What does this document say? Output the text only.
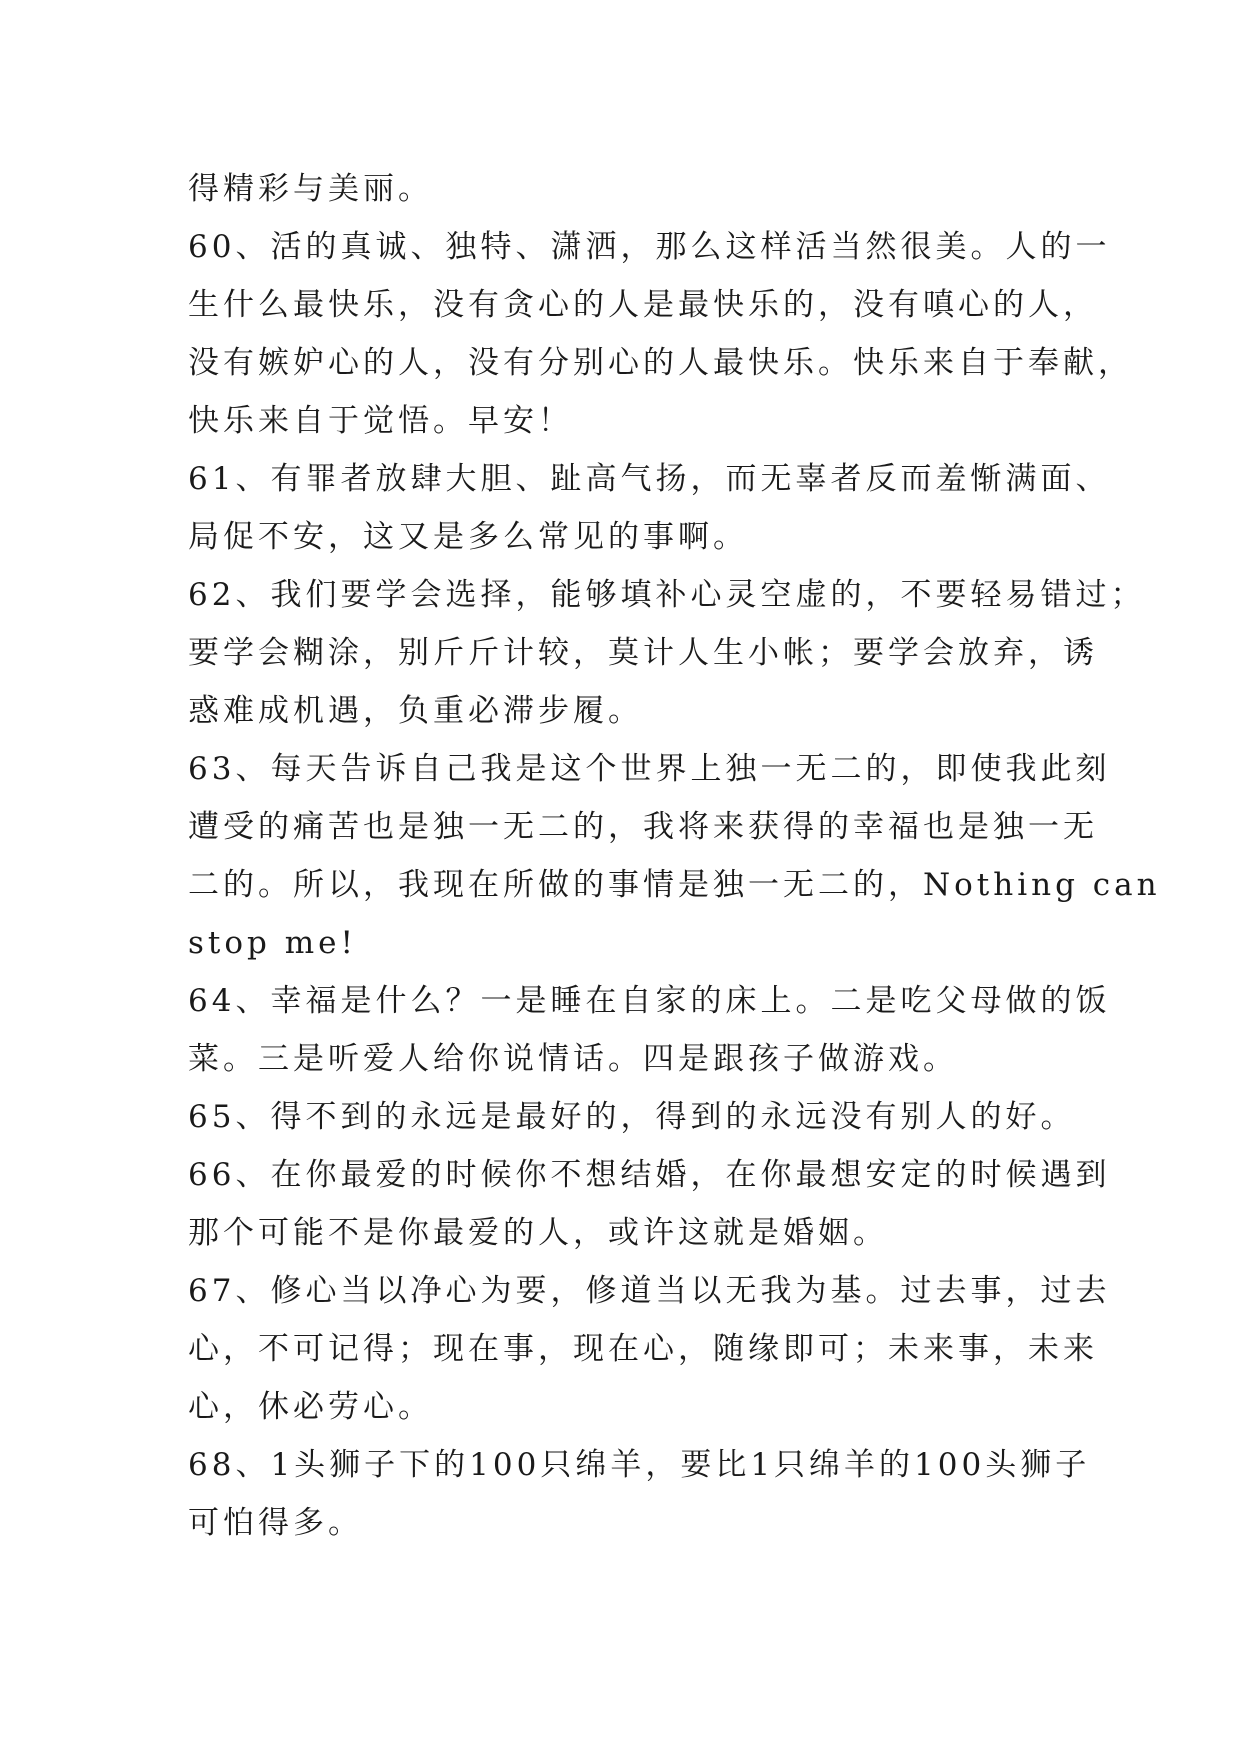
得精彩与美丽。
60、活的真诚、独特、潇洒，那么这样活当然很美。人的一
生什么最快乐，没有贪心的人是最快乐的，没有嗔心的人，
没有嫉妒心的人，没有分别心的人最快乐。快乐来自于奉献，
快乐来自于觉悟。早安！
61、有罪者放肆大胆、趾高气扬，而无辜者反而羞惭满面、
局促不安，这又是多么常见的事啊。
62、我们要学会选择，能够填补心灵空虚的，不要轻易错过；
要学会糊涂，别斤斤计较，莫计人生小帐；要学会放弃，诱
惑难成机遇，负重必滞步履。
63、每天告诉自己我是这个世界上独一无二的，即使我此刻
遭受的痛苦也是独一无二的，我将来获得的幸福也是独一无
二的。所以，我现在所做的事情是独一无二的，Nothing can
stop me!
64、幸福是什么？一是睡在自家的床上。二是吃父母做的饭
菜。三是听爱人给你说情话。四是跟孩子做游戏。
65、得不到的永远是最好的，得到的永远没有别人的好。
66、在你最爱的时候你不想结婚，在你最想安定的时候遇到
那个可能不是你最爱的人，或许这就是婚姻。
67、修心当以净心为要，修道当以无我为基。过去事，过去
心，不可记得；现在事，现在心，随缘即可；未来事，未来
心，休必劳心。
68、1头狮子下的100只绵羊，要比1只绵羊的100头狮子
可怕得多。
